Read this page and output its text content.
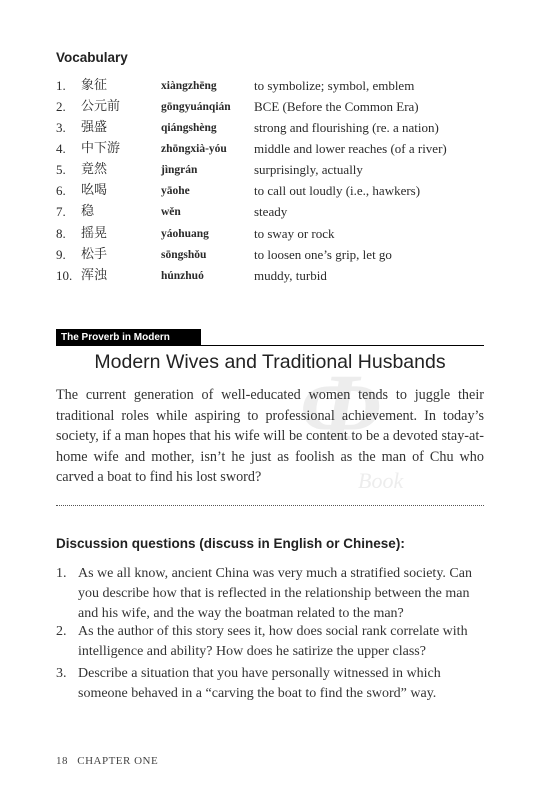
Ф
Book
Vocabulary
1. 象征	xiàngzhēng	to symbolize; symbol, emblem
2. 公元前	gōngyuánqián BCE (Before the Common Era)
3. 强盛	qiángshèng	strong and flourishing (re. a nation)
4. 中下游	zhōngxià-yóu middle and lower reaches (of a river)
5. 竟然	jìngrán	surprisingly, actually
6. 吆喝	yāohe	to call out loudly (i.e., hawkers)
7. 稳	wěn	steady
8. 摇晃	yáohuang	to sway or rock
9. 松手	sōngshǒu	to loosen one’s grip, let go
10. 浑浊	húnzhuó	muddy, turbid
The Proverb in Modern Usage Modern Wives and Traditional Husbands
The current generation of well-educated women tends to juggle their traditional roles while aspiring to professional achievement. In today’s society, if a man hopes that his wife will be content to be a devoted stay-at-home wife and mother, isn’t he just as foolish as the man of Chu who carved a boat to find his lost sword?
Discussion questions (discuss in English or Chinese):
1. As we all know, ancient China was very much a stratified society. Can you describe how that is reflected in the relationship between the man and his wife, and the way the boatman related to the man?
2. As the author of this story sees it, how does social rank correlate with intelligence and ability? How does he satirize the upper class?
3. Describe a situation that you have personally witnessed in which someone behaved in a “carving the boat to find the sword” way.
18 CHAPTER ONE
